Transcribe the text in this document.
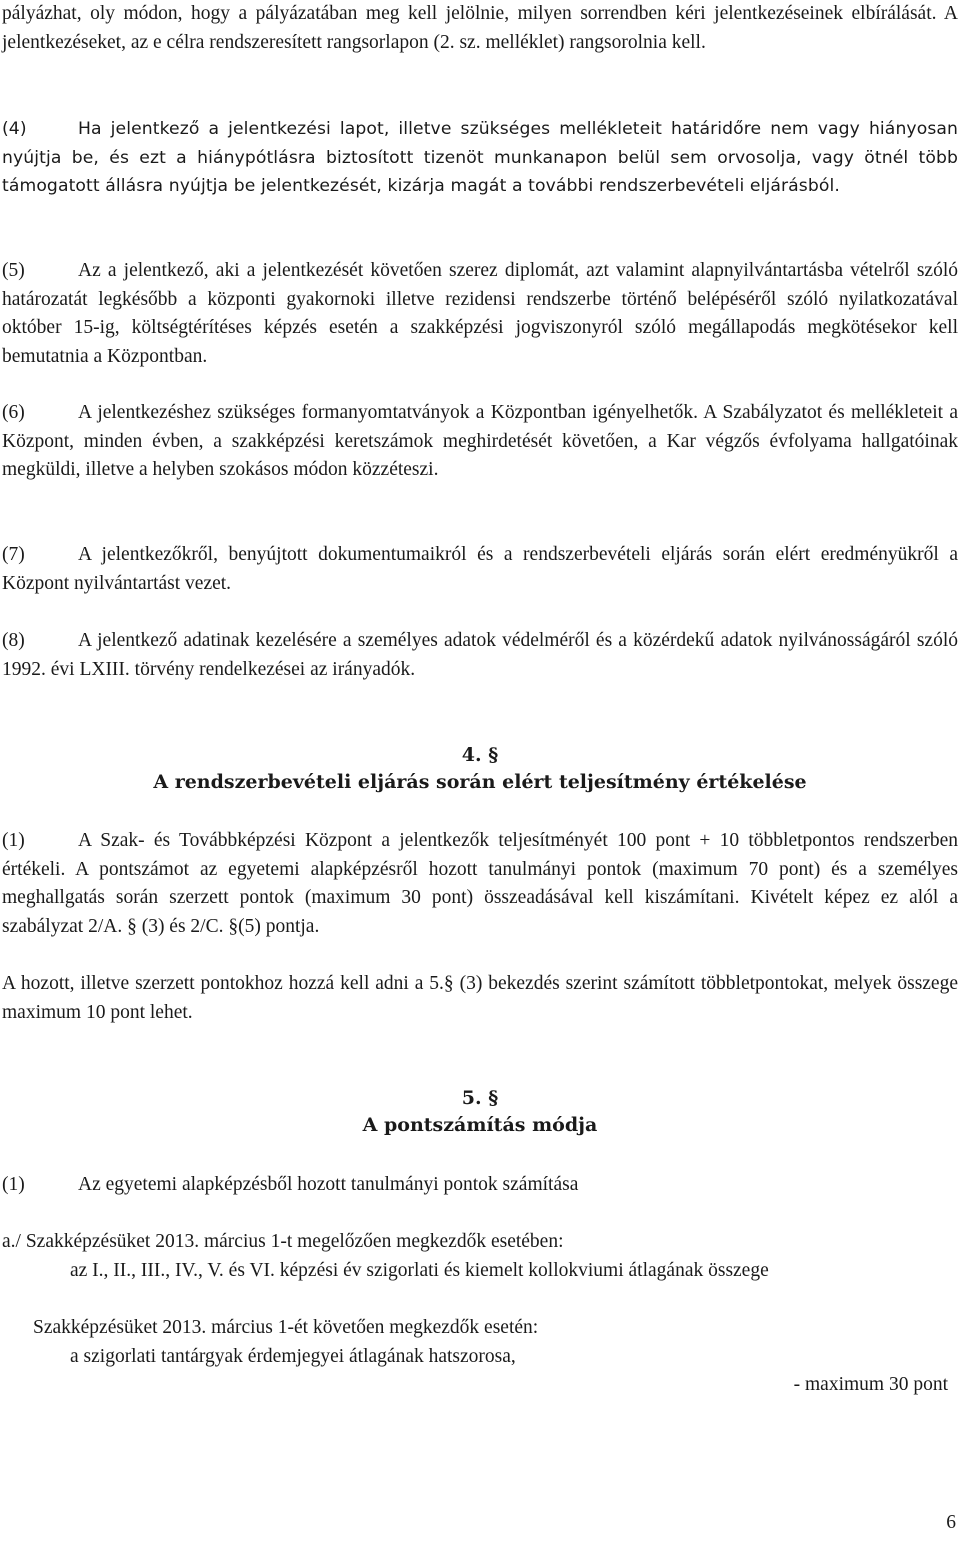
pályázhat, oly módon, hogy a pályázatában meg kell jelölnie, milyen sorrendben kéri jelentkezéseinek elbírálását. A jelentkezéseket, az e célra rendszeresített rangsorlapon (2. sz. melléklet) rangsorolnia kell.

(4)	Ha jelentkező a jelentkezési lapot, illetve szükséges mellékleteit határidőre nem vagy hiányosan nyújtja be, és ezt a hiánypótlásra biztosított tizenöt munkanapon belül sem orvosolja, vagy ötnél több támogatott állásra nyújtja be jelentkezését, kizárja magát a további rendszerbevételi eljárásból.

(5)	Az a jelentkező, aki a jelentkezését követően szerez diplomát, azt valamint alapnyilvántartásba vételről szóló határozatát legkésőbb a központi gyakornoki illetve rezidensi rendszerbe történő belépéséről szóló nyilatkozatával október 15-ig, költségtérítéses képzés esetén a szakképzési jogviszonyról szóló megállapodás megkötésekor kell bemutatnia a Központban.

(6)	A jelentkezéshez szükséges formanyomtatványok a Központban igényelhetők. A Szabályzatot és mellékleteit a Központ, minden évben, a szakképzési keretszámok meghirdetését követően, a Kar végzős évfolyama hallgatóinak megküldi, illetve a helyben szokásos módon közzéteszi.

(7)	A jelentkezőkről, benyújtott dokumentumaikról és a rendszerbevételi eljárás során elért eredményükről a Központ nyilvántartást vezet.

(8)	A jelentkező adatinak kezelésére a személyes adatok védelméről és a közérdekű adatok nyilvánosságáról szóló 1992. évi LXIII. törvény rendelkezései az irányadók.

4. §
A rendszerbevételi eljárás során elért teljesítmény értékelése

(1)	A Szak- és Továbbképzési Központ a jelentkezők teljesítményét 100 pont + 10 többletpontos rendszerben értékeli. A pontszámot az egyetemi alapképzésről hozott tanulmányi pontok (maximum 70 pont) és a személyes meghallgatás során szerzett pontok (maximum 30 pont) összeadásával kell kiszámítani. Kivételt képez ez alól a szabályzat 2/A. § (3) és 2/C. §(5) pontja.

A hozott, illetve szerzett pontokhoz hozzá kell adni a 5.§ (3) bekezdés szerint számított többletpontokat, melyek összege maximum 10 pont lehet.

5. §
A pontszámítás módja

(1)	Az egyetemi alapképzésből hozott tanulmányi pontok számítása

a./ Szakképzésüket 2013. március 1-t megelőzően megkezdők esetében:
az I., II., III., IV., V. és VI. képzési év szigorlati és kiemelt kollokviumi átlagának összege
Szakképzésüket 2013. március 1-ét követően megkezdők esetén:
a szigorlati tantárgyak érdemjegyei átlagának hatszorosa,
- maximum 30 pont
6
